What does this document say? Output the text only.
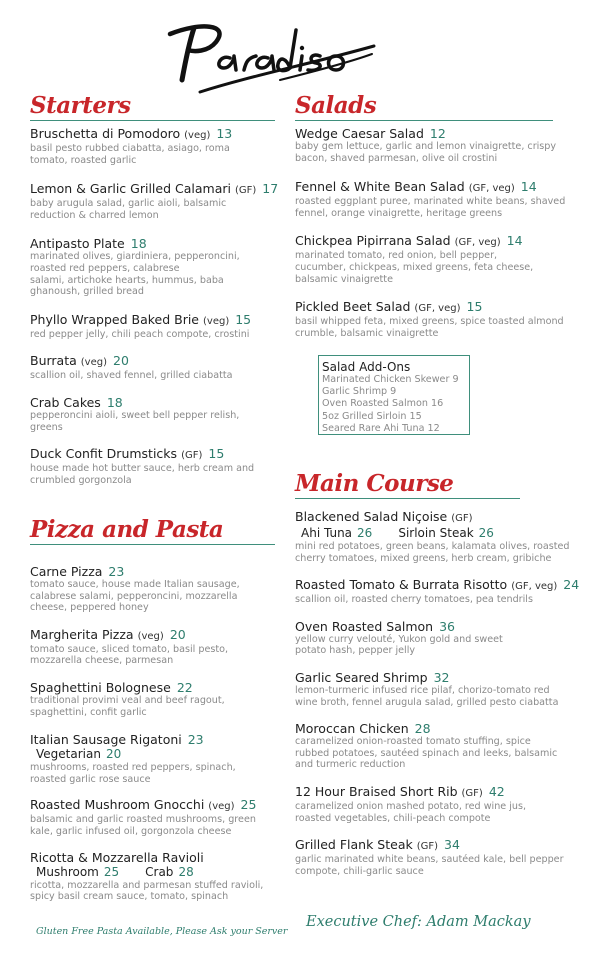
Starters
Bruschetta di Pomodoro (veg) 13
basil pesto rubbed ciabatta, asiago, roma
tomato, roasted garlic
Lemon & Garlic Grilled Calamari (GF) 17
baby arugula salad, garlic aioli, balsamic
reduction & charred lemon
Antipasto Plate 18
marinated olives, giardiniera, pepperoncini,
roasted red peppers, calabrese
salami, artichoke hearts, hummus, baba
ghanoush, grilled bread
Phyllo Wrapped Baked Brie (veg) 15
red pepper jelly, chili peach compote, crostini
Burrata (veg) 20
scallion oil, shaved fennel, grilled ciabatta
Crab Cakes 18
pepperoncini aioli, sweet bell pepper relish,
greens
Duck Confit Drumsticks (GF) 15
house made hot butter sauce, herb cream and
crumbled gorgonzola
Pizza and Pasta
Carne Pizza 23
tomato sauce, house made Italian sausage,
calabrese salami, pepperoncini, mozzarella
cheese, peppered honey
Margherita Pizza (veg) 20
tomato sauce, sliced tomato, basil pesto,
mozzarella cheese, parmesan
Spaghettini Bolognese 22
traditional provimi veal and beef ragout,
spaghettini, confit garlic
Italian Sausage Rigatoni 23
Vegetarian 20
mushrooms, roasted red peppers, spinach,
roasted garlic rose sauce
Roasted Mushroom Gnocchi (veg) 25
balsamic and garlic roasted mushrooms, green
kale, garlic infused oil, gorgonzola cheese
Ricotta & Mozzarella Ravioli
Mushroom 25 Crab 28
ricotta, mozzarella and parmesan stuffed ravioli,
spicy basil cream sauce, tomato, spinach
Salads
Wedge Caesar Salad 12
baby gem lettuce, garlic and lemon vinaigrette, crispy
bacon, shaved parmesan, olive oil crostini
Fennel & White Bean Salad (GF, veg) 14
roasted eggplant puree, marinated white beans, shaved
fennel, orange vinaigrette, heritage greens
Chickpea Pipirrana Salad (GF, veg) 14
marinated tomato, red onion, bell pepper,
cucumber, chickpeas, mixed greens, feta cheese,
balsamic vinaigrette
Pickled Beet Salad (GF, veg) 15
basil whipped feta, mixed greens, spice toasted almond
crumble, balsamic vinaigrette
Salad Add-Ons
Marinated Chicken Skewer 9
Garlic Shrimp 9
Oven Roasted Salmon 16
5oz Grilled Sirloin 15
Seared Rare Ahi Tuna 12
Main Course
Blackened Salad Niçoise (GF)
Ahi Tuna 26 Sirloin Steak 26
mini red potatoes, green beans, kalamata olives, roasted
cherry tomatoes, mixed greens, herb cream, gribiche
Roasted Tomato & Burrata Risotto (GF, veg) 24
scallion oil, roasted cherry tomatoes, pea tendrils
Oven Roasted Salmon 36
yellow curry velouté, Yukon gold and sweet
potato hash, pepper jelly
Garlic Seared Shrimp 32
lemon-turmeric infused rice pilaf, chorizo-tomato red
wine broth, fennel arugula salad, grilled pesto ciabatta
Moroccan Chicken 28
caramelized onion-roasted tomato stuffing, spice
rubbed potatoes, sautéed spinach and leeks, balsamic
and turmeric reduction
12 Hour Braised Short Rib (GF) 42
caramelized onion mashed potato, red wine jus,
roasted vegetables, chili-peach compote
Grilled Flank Steak (GF) 34
garlic marinated white beans, sautéed kale, bell pepper
compote, chili-garlic sauce
Gluten Free Pasta Available, Please Ask your Server
Executive Chef: Adam Mackay
